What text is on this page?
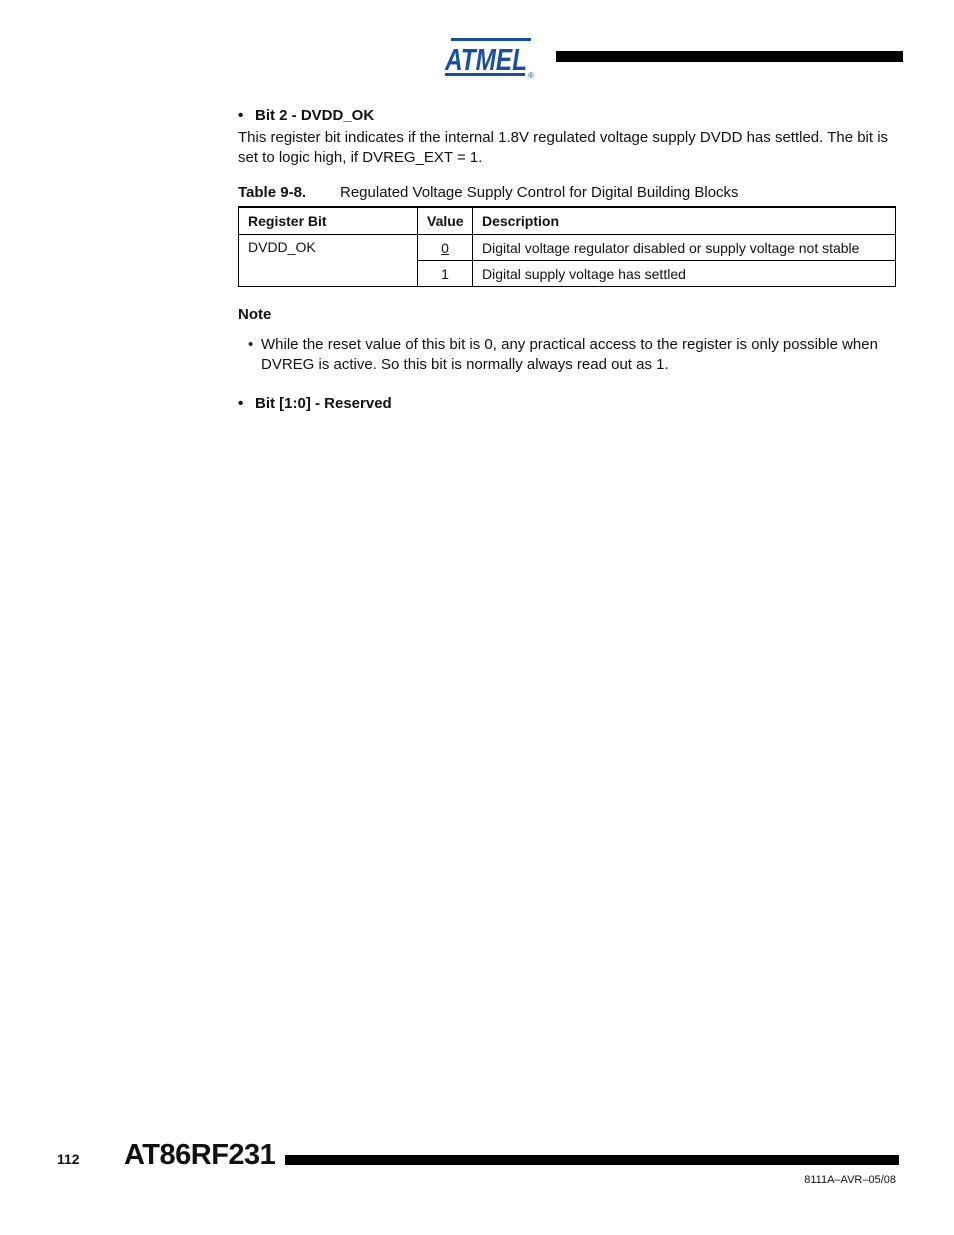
ATMEL ®

• Bit 2 - DVDD_OK

This register bit indicates if the internal 1.8V regulated voltage supply DVDD has settled. The bit is set to logic high, if DVREG_EXT = 1.

Table 9-8. Regulated Voltage Supply Control for Digital Building Blocks
Register Bit	Value	Description
DVDD_OK	0	Digital voltage regulator disabled or supply voltage not stable
	1	Digital supply voltage has settled
Note
• While the reset value of this bit is 0, any practical access to the register is only possible when DVREG is active. So this bit is normally always read out as 1.

• Bit [1:0] - Reserved

112 AT86RF231
8111A–AVR–05/08
